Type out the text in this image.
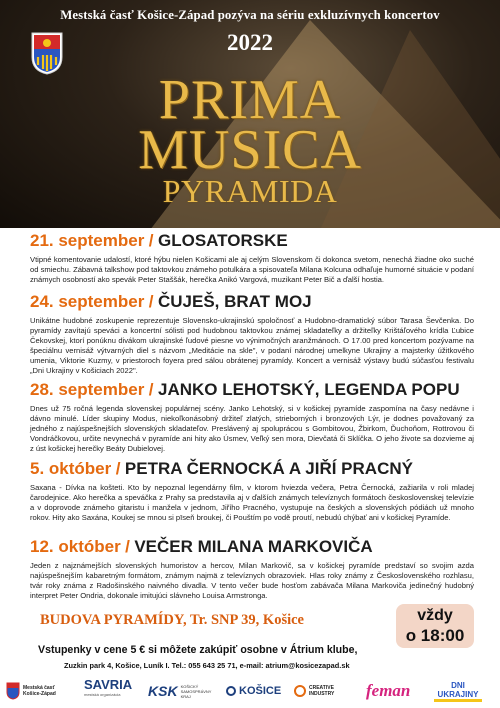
Mestská časť Košice-Západ pozýva na sériu exkluzívnych koncertov
2022
PRIMA
MUSICA
PYRAMIDA
21. september / GLOSATORSKE
Vtipné komentovanie udalostí, ktoré hýbu nielen Košicami ale aj celým Slovenskom či dokonca svetom, nenechá žiadne oko suché od smiechu. Zábavná talkshow pod taktovkou známeho potulkára a spisovateľa Milana Kolcuna odhaľuje humorné situácie v podaní známych osobností ako spevák Peter Staššák, herečka Anikó Vargová, muzikant Peter Bič a ďalší hostia.
24. september / ČUJEŠ, BRAT MOJ
Unikátne hudobné zoskupenie reprezentuje Slovensko-ukrajinskú spoločnosť a Hudobno-dramatický súbor Tarasa Ševčenka. Do pyramídy zavítajú speváci a koncertní sólisti pod hudobnou taktovkou známej skladateľky a držiteľky Krištáľového krídla Ľubice Čekovskej, ktorí ponúknu divákom ukrajinské ľudové piesne vo výnimočných aranžmánoch. O 17.00 pred koncertom pozývame na špeciálnu vernisáž výtvarných diel s názvom „Meditácie na skle", v podaní národnej umelkyne Ukrajiny a majsterky úžitkového umenia, Viktorie Kuzmy, v priestoroch foyera pred sálou obrátenej pyramídy. Koncert a vernisáž výstavy budú súčasťou festivalu „Dni Ukrajiny v Košiciach 2022".
28. september / JANKO LEHOTSKÝ, LEGENDA POPU
Dnes už 75 ročná legenda slovenskej populárnej scény. Janko Lehotský, si v košickej pyramíde zaspomína na časy nedávne i dávno minulé. Líder skupiny Modus, niekoľkonásobný držiteľ zlatých, strieborných i bronzových Lýr, je dodnes považovaný za jedného z najúspešnejších slovenských skladateľov. Preslávený aj spoluprácou s Gombitovou, Žbirkom, Ďuchoňom, Rottrovou či Vondráčkovou, určite nevynechá v pyramíde ani hity ako Úsmev, Veľký sen mora, Dievčatá či Sklíčka. O jeho živote sa dozvieme aj z úst košickej herečky Beáty Dubielovej.
5. október / PETRA ČERNOCKÁ A JIŘÍ PRACNÝ
Saxana - Dívka na košteti. Kto by nepoznal legendárny film, v ktorom hviezda večera, Petra Černocká, zažiarila v roli mladej čarodejnice. Ako herečka a speváčka z Prahy sa predstavila aj v ďalších známych televíznych formátoch československej televízie a v doprovode známeho gitaristu i manžela v jednom, Jiřího Pracného, vystupuje na českých a slovenských pódiách už mnoho rokov. Hity ako Saxána, Koukej se mnou si pīseň broukej, či Pouštím po vodě proutí, nebudú chýbať ani v košickej Pyramíde.
12. október / VEČER MILANA MARKOVIČA
Jeden z najznámejších slovenských humoristov a hercov, Milan Markovič, sa v košickej pyramíde predstaví so svojim azda najúspešnejším kabaretným formátom, známym najmä z televíznych obrazoviek. Hlas roky známy z Československého rozhlasu, tvár roky známa z Radošinského naivného divadla. V tento večer bude hosťom zabávača Milana Markoviča jedinečný hudobný interpret Peter Ondria, dokonale imitujúci slávneho Louisa Armstronga.
BUDOVA PYRAMÍDY, Tr. SNP 39, Košice	vždy
o 18:00
Vstupenky v cene 5 € si môžete zakúpiť osobne v Átrium klube,
Zuzkin park 4, Košice, Luník I. Tel.: 055 643 25 71, e-mail: atrium@kosicezapad.sk
Mestská časť Košice-Západ
SAVRIA
mestská organizácia KSK KOŠICKÝ SAMOSPRÁVNY KRAJ	KOŠICE	CREATIVE INDUSTRY feman	DNI UKRAJINY
